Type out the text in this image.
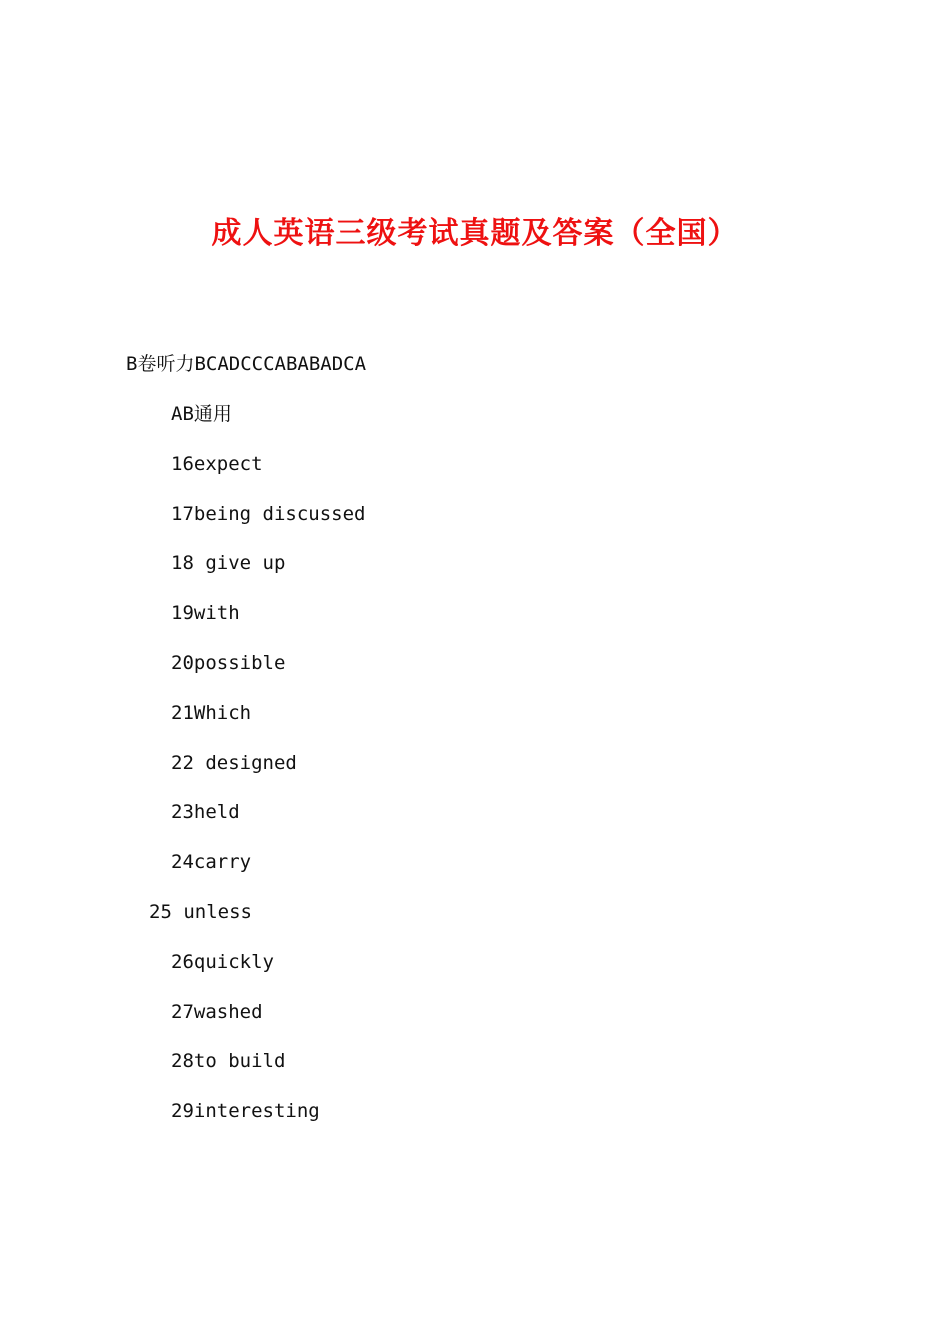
成人英语三级考试真题及答案（全国）
B卷听力BCADCCCABABADCA
AB通用
16expect
17being discussed
18 give up
19with
20possible
21Which
22 designed
23held
24carry
25 unless
26quickly
27washed
28to build
29interesting
